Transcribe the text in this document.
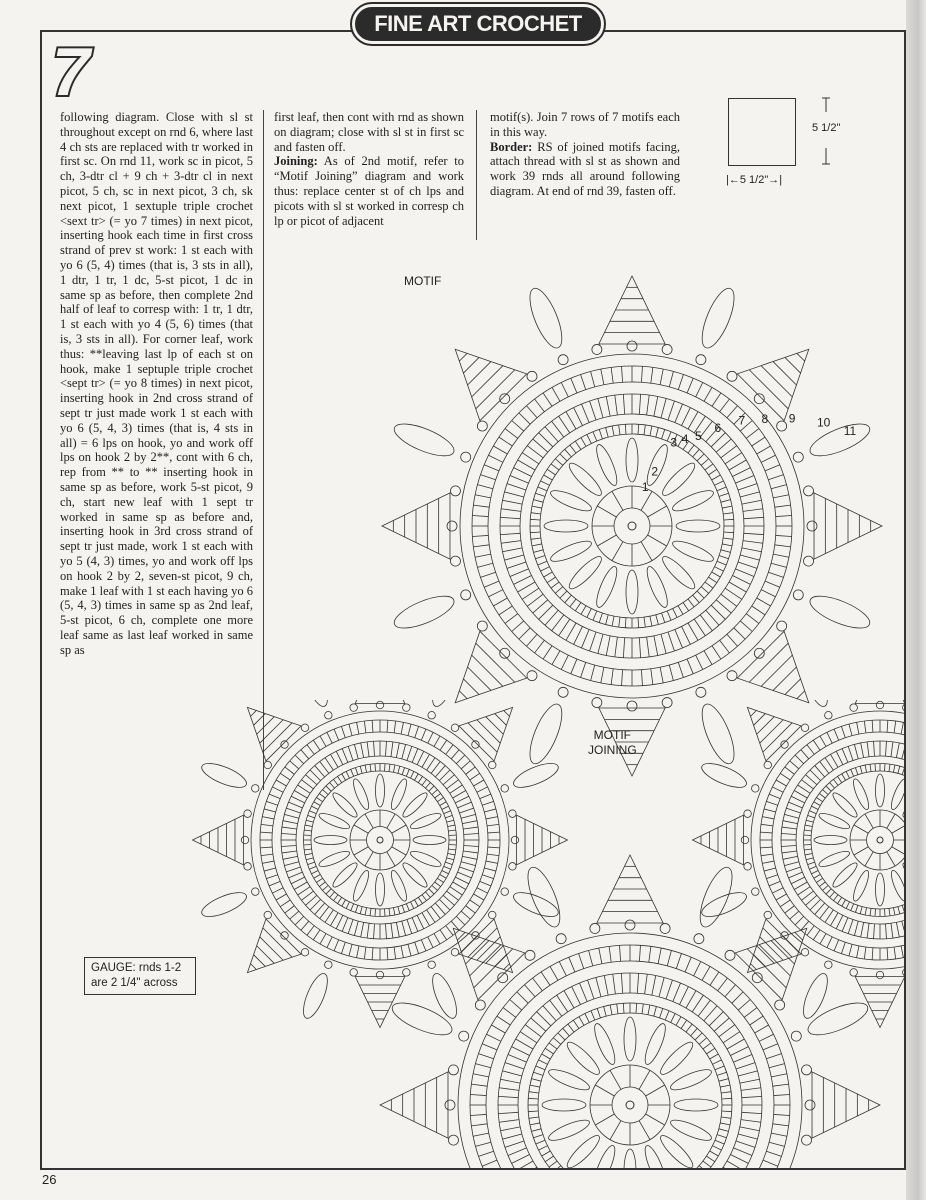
FINE ART CROCHET
7

following diagram. Close with sl st throughout except on rnd 6, where last 4 ch sts are replaced with tr worked in first sc. On rnd 11, work sc in picot, 5 ch, 3-dtr cl + 9 ch + 3-dtr cl in next picot, 5 ch, sc in next picot, 3 ch, sk next picot, 1 sextuple triple crochet <sext tr> (= yo 7 times) in next picot, inserting hook each time in first cross strand of prev st work: 1 st each with yo 6 (5, 4) times (that is, 3 sts in all), 1 dtr, 1 tr, 1 dc, 5-st picot, 1 dc in same sp as before, then complete 2nd half of leaf to corresp with: 1 tr, 1 dtr, 1 st each with yo 4 (5, 6) times (that is, 3 sts in all). For corner leaf, work thus: **leaving last lp of each st on hook, make 1 septuple triple crochet <sept tr> (= yo 8 times) in next picot, inserting hook in 2nd cross strand of sept tr just made work 1 st each with yo 6 (5, 4, 3) times (that is, 4 sts in all) = 6 lps on hook, yo and work off lps on hook 2 by 2**, cont with 6 ch, rep from ** to ** inserting hook in same sp as before, work 5-st picot, 9 ch, start new leaf with 1 sept tr worked in same sp as before and, inserting hook in 3rd cross strand of sept tr just made, work 1 st each with yo 5 (4, 3) times, yo and work off lps on hook 2 by 2, seven-st picot, 9 ch, make 1 leaf with 1 st each having yo 6 (5, 4, 3) times in same sp as 2nd leaf, 5-st picot, 6 ch, complete one more leaf same as last leaf worked in same sp as

first leaf, then cont with rnd as shown on diagram; close with sl st in first sc and fasten off.

Joining: As of 2nd motif, refer to “Motif Joining” diagram and work thus: replace center st of ch lps and picots with sl st worked in corresp ch lp or picot of adjacent

motif(s). Join 7 rows of 7 motifs each in this way.

Border: RS of joined motifs facing, attach thread with sl st as shown and work 39 rnds all around following diagram. At end of rnd 39, fasten off.

5 1/2"
|←5 1/2"→|
1
2
3 4 5
6
7 8 9 10
11
MOTIF
MOTIF
JOINING
GAUGE: rnds 1-2
are 2 1/4" across
26
